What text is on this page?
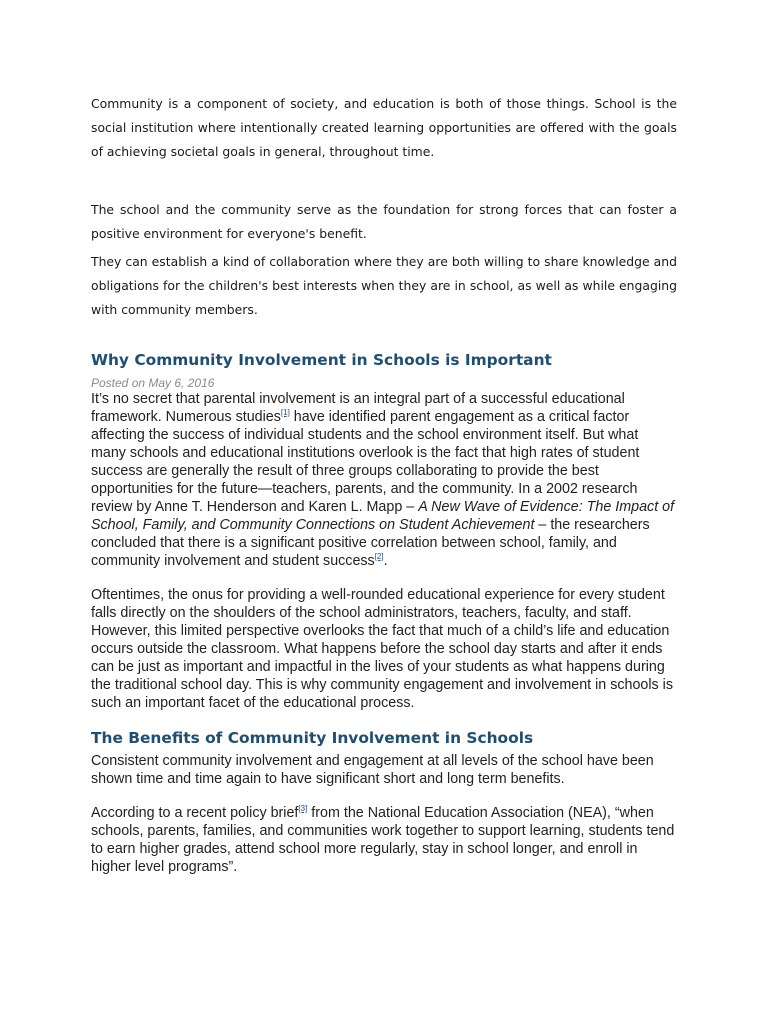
Community is a component of society, and education is both of those things. School is the social institution where intentionally created learning opportunities are offered with the goals of achieving societal goals in general, throughout time.

The school and the community serve as the foundation for strong forces that can foster a positive environment for everyone's benefit.

They can establish a kind of collaboration where they are both willing to share knowledge and obligations for the children's best interests when they are in school, as well as while engaging with community members.

Why Community Involvement in Schools is Important
Posted on May 6, 2016

It’s no secret that parental involvement is an integral part of a successful educational framework. Numerous studies[1] have identified parent engagement as a critical factor affecting the success of individual students and the school environment itself. But what many schools and educational institutions overlook is the fact that high rates of student success are generally the result of three groups collaborating to provide the best opportunities for the future—teachers, parents, and the community. In a 2002 research review by Anne T. Henderson and Karen L. Mapp – A New Wave of Evidence: The Impact of School, Family, and Community Connections on Student Achievement – the researchers concluded that there is a significant positive correlation between school, family, and community involvement and student success[2].

Oftentimes, the onus for providing a well-rounded educational experience for every student falls directly on the shoulders of the school administrators, teachers, faculty, and staff. However, this limited perspective overlooks the fact that much of a child’s life and education occurs outside the classroom. What happens before the school day starts and after it ends can be just as important and impactful in the lives of your students as what happens during the traditional school day. This is why community engagement and involvement in schools is such an important facet of the educational process.

The Benefits of Community Involvement in Schools

Consistent community involvement and engagement at all levels of the school have been shown time and time again to have significant short and long term benefits.

According to a recent policy brief[3] from the National Education Association (NEA), “when schools, parents, families, and communities work together to support learning, students tend to earn higher grades, attend school more regularly, stay in school longer, and enroll in higher level programs”.
